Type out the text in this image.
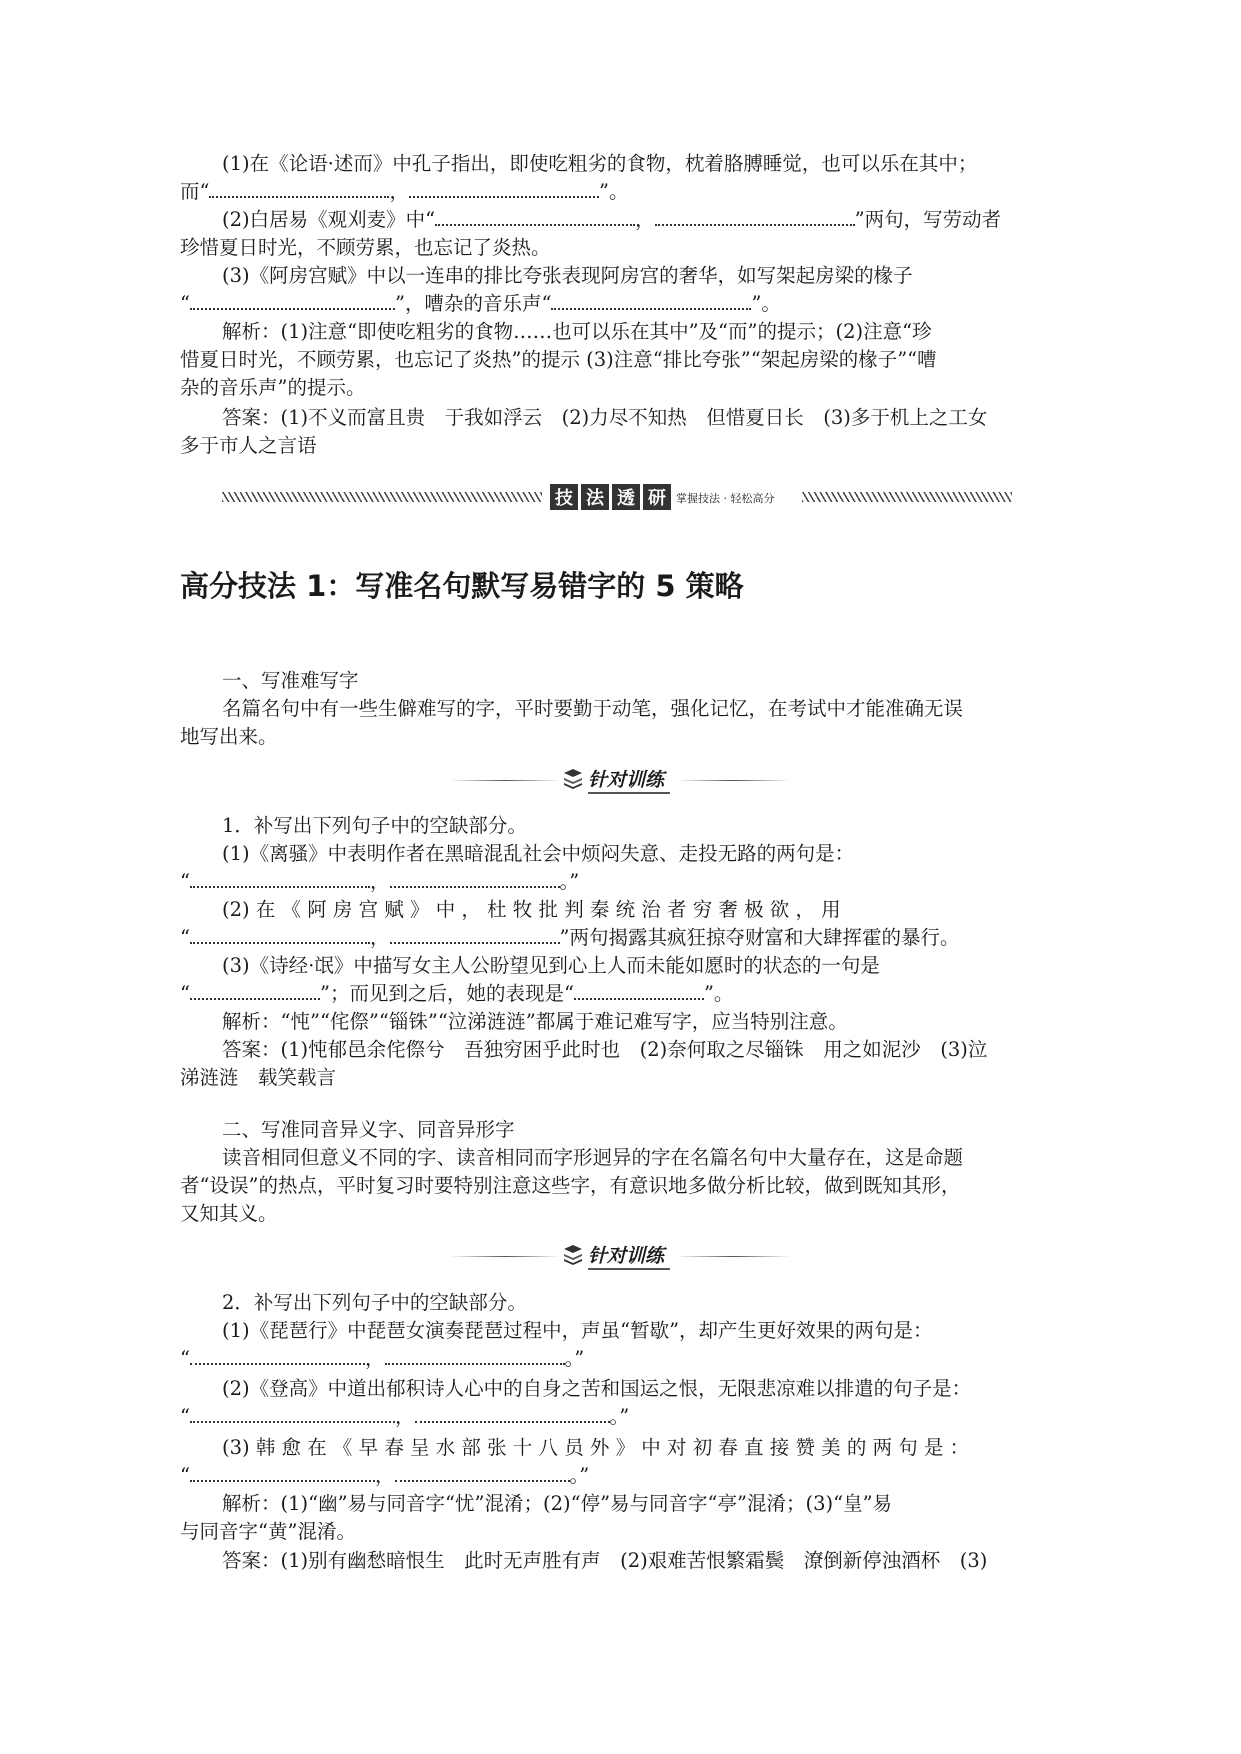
(1)在《论语·述而》中孔子指出，即使吃粗劣的食物，枕着胳膊睡觉，也可以乐在其中；
而“	，	”。
(2)白居易《观刈麦》中“	，	”两句，写劳动者
珍惜夏日时光，不顾劳累，也忘记了炎热。
(3)《阿房宫赋》中以一连串的排比夸张表现阿房宫的奢华，如写架起房梁的椽子
“	”，嘈杂的音乐声“	”。
解析：(1)注意“即使吃粗劣的食物……也可以乐在其中”及“而”的提示；(2)注意“珍
惜夏日时光，不顾劳累，也忘记了炎热”的提示 (3)注意“排比夸张”“架起房梁的椽子”“嘈
杂的音乐声”的提示。
答案：(1)不义而富且贵　于我如浮云　(2)力尽不知热　但惜夏日长　(3)多于机上之工女
多于市人之言语
技 法 透 研 掌握技法 · 轻松高分
高分技法 1：写准名句默写易错字的 5 策略
一、写准难写字
名篇名句中有一些生僻难写的字，平时要勤于动笔，强化记忆，在考试中才能准确无误
地写出来。
针对训练
1．补写出下列句子中的空缺部分。
(1)《离骚》中表明作者在黑暗混乱社会中烦闷失意、走投无路的两句是：
“	，	。”
(2) 在 《 阿 房 宫 赋 》 中 ， 杜 牧 批 判 秦 统 治 者 穷 奢 极 欲 ， 用
“	，	”两句揭露其疯狂掠夺财富和大肆挥霍的暴行。
(3)《诗经·氓》中描写女主人公盼望见到心上人而未能如愿时的状态的一句是
“	”；而见到之后，她的表现是“	”。
解析：“忳”“侘傺”“锱铢”“泣涕涟涟”都属于难记难写字，应当特别注意。
答案：(1)忳郁邑余侘傺兮　吾独穷困乎此时也　(2)奈何取之尽锱铢　用之如泥沙　(3)泣
涕涟涟　载笑载言
二、写准同音异义字、同音异形字
读音相同但意义不同的字、读音相同而字形迥异的字在名篇名句中大量存在，这是命题
者“设误”的热点，平时复习时要特别注意这些字，有意识地多做分析比较，做到既知其形，
又知其义。
针对训练
2．补写出下列句子中的空缺部分。
(1)《琵琶行》中琵琶女演奏琵琶过程中，声虽“暂歇”，却产生更好效果的两句是：
“	，	。”
(2)《登高》中道出郁积诗人心中的自身之苦和国运之恨，无限悲凉难以排遣的句子是：
“	，	。”
(3) 韩 愈 在 《 早 春 呈 水 部 张 十 八 员 外 》 中 对 初 春 直 接 赞 美 的 两 句 是 ：
“	，	。”
解析：(1)“幽”易与同音字“忧”混淆；(2)“停”易与同音字“亭”混淆；(3)“皇”易
与同音字“黄”混淆。
答案：(1)别有幽愁暗恨生　此时无声胜有声　(2)艰难苦恨繁霜鬓　潦倒新停浊酒杯　(3)
